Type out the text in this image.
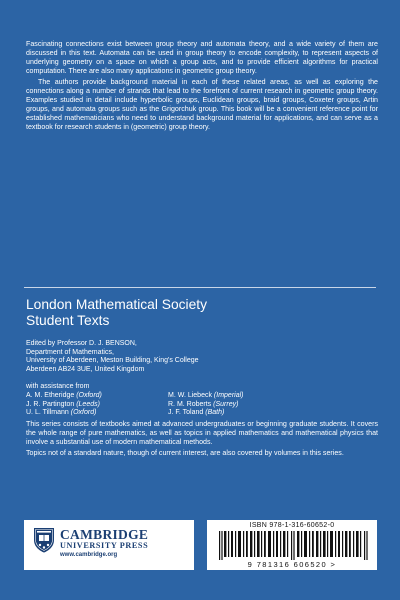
Fascinating connections exist between group theory and automata theory, and a wide variety of them are discussed in this text. Automata can be used in group theory to encode complexity, to represent aspects of underlying geometry on a space on which a group acts, and to provide efficient algorithms for practical computation. There are also many applications in geometric group theory.

The authors provide background material in each of these related areas, as well as exploring the connections along a number of strands that lead to the forefront of current research in geometric group theory. Examples studied in detail include hyperbolic groups, Euclidean groups, braid groups, Coxeter groups, Artin groups, and automata groups such as the Grigorchuk group. This book will be a convenient reference point for established mathematicians who need to understand background material for applications, and can serve as a textbook for research students in (geometric) group theory.

London Mathematical Society
Student Texts
Edited by Professor D. J. BENSON,
Department of Mathematics,
University of Aberdeen, Meston Building, King's College
Aberdeen AB24 3UE, United Kingdom
with assistance from
A. M. Etheridge (Oxford)	M. W. Liebeck (Imperial)
J. R. Partington (Leeds)	R. M. Roberts (Surrey)
U. L. Tillmann (Oxford)	J. F. Toland (Bath)

This series consists of textbooks aimed at advanced undergraduates or beginning graduate students. It covers the whole range of pure mathematics, as well as topics in applied mathematics and mathematical physics that involve a substantial use of modern mathematical methods.

Topics not of a standard nature, though of current interest, are also covered by volumes in this series.

CAMBRIDGE
UNIVERSITY PRESS
www.cambridge.org
ISBN 978-1-316-60652-0
9 781316 606520 >
